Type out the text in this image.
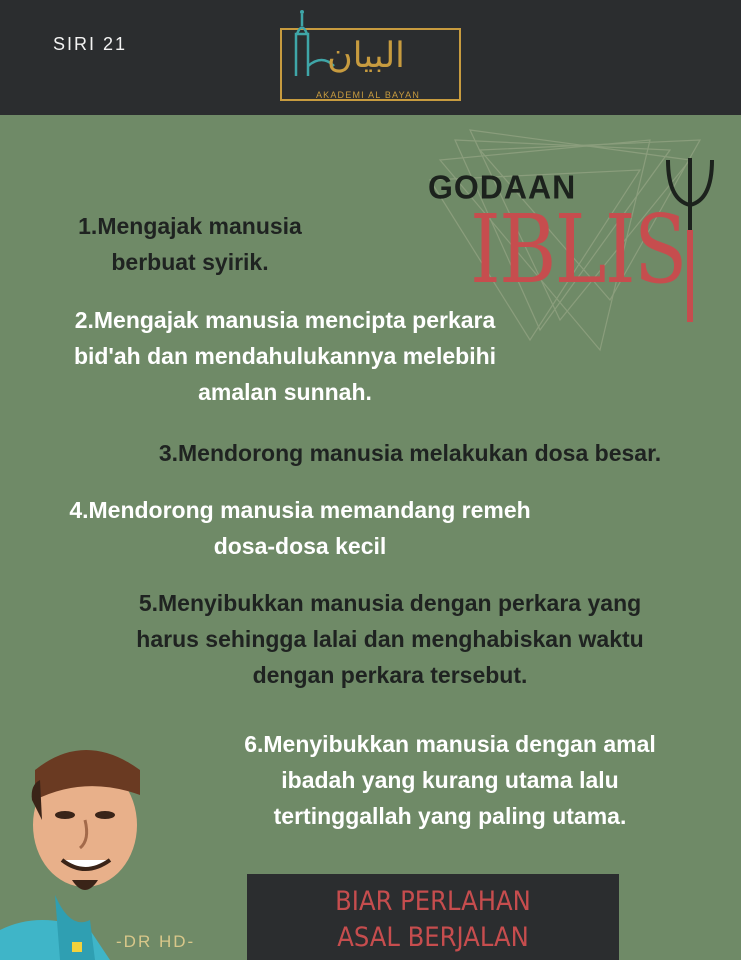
SIRI 21	البيان
AKADEMI AL BAYAN
GODAAN
IBLIS
1.Mengajak manusia
berbuat syirik.
2.Mengajak manusia mencipta perkara
bid'ah dan mendahulukannya melebihi
amalan sunnah.
3.Mendorong manusia melakukan dosa besar.
4.Mendorong manusia memandang remeh
dosa-dosa kecil
5.Menyibukkan manusia dengan perkara yang
harus sehingga lalai dan menghabiskan waktu
dengan perkara tersebut.
6.Menyibukkan manusia dengan amal
ibadah yang kurang utama lalu
tertinggallah yang paling utama.
-DR HD-
BIAR PERLAHAN
ASAL BERJALAN
